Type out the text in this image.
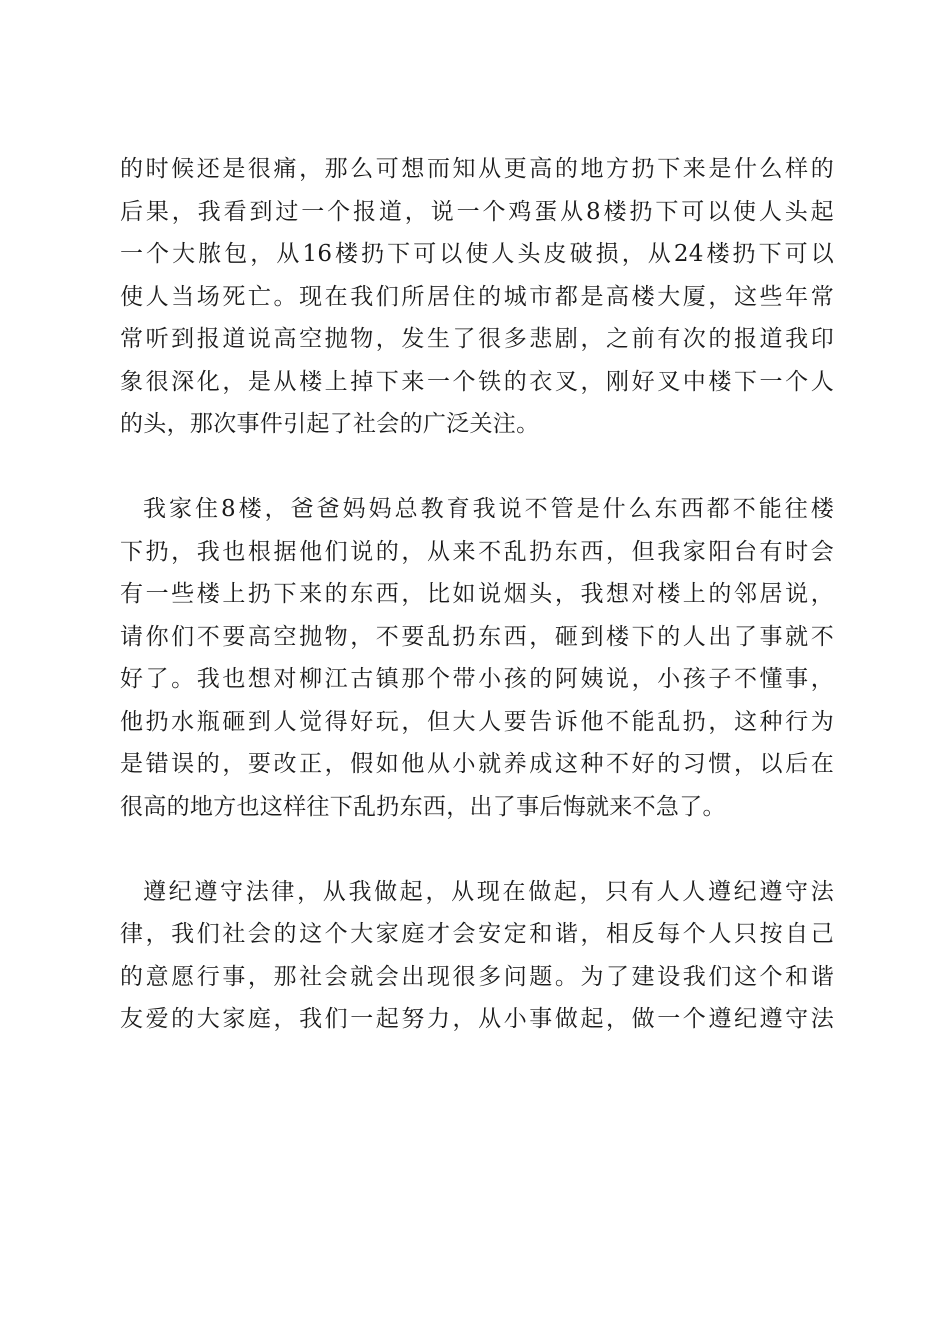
的时候还是很痛，那么可想而知从更高的地方扔下来是什么样的
后果，我看到过一个报道，说一个鸡蛋从8楼扔下可以使人头起
一个大脓包，从16楼扔下可以使人头皮破损，从24楼扔下可以
使人当场死亡。现在我们所居住的城市都是高楼大厦，这些年常
常听到报道说高空抛物，发生了很多悲剧，之前有次的报道我印
象很深化，是从楼上掉下来一个铁的衣叉，刚好叉中楼下一个人
的头，那次事件引起了社会的广泛关注。
我家住8楼，爸爸妈妈总教育我说不管是什么东西都不能往楼
下扔，我也根据他们说的，从来不乱扔东西，但我家阳台有时会
有一些楼上扔下来的东西，比如说烟头，我想对楼上的邻居说，
请你们不要高空抛物，不要乱扔东西，砸到楼下的人出了事就不
好了。我也想对柳江古镇那个带小孩的阿姨说，小孩子不懂事，
他扔水瓶砸到人觉得好玩，但大人要告诉他不能乱扔，这种行为
是错误的，要改正，假如他从小就养成这种不好的习惯，以后在
很高的地方也这样往下乱扔东西，出了事后悔就来不急了。
遵纪遵守法律，从我做起，从现在做起，只有人人遵纪遵守法
律，我们社会的这个大家庭才会安定和谐，相反每个人只按自己
的意愿行事，那社会就会出现很多问题。为了建设我们这个和谐
友爱的大家庭，我们一起努力，从小事做起，做一个遵纪遵守法
